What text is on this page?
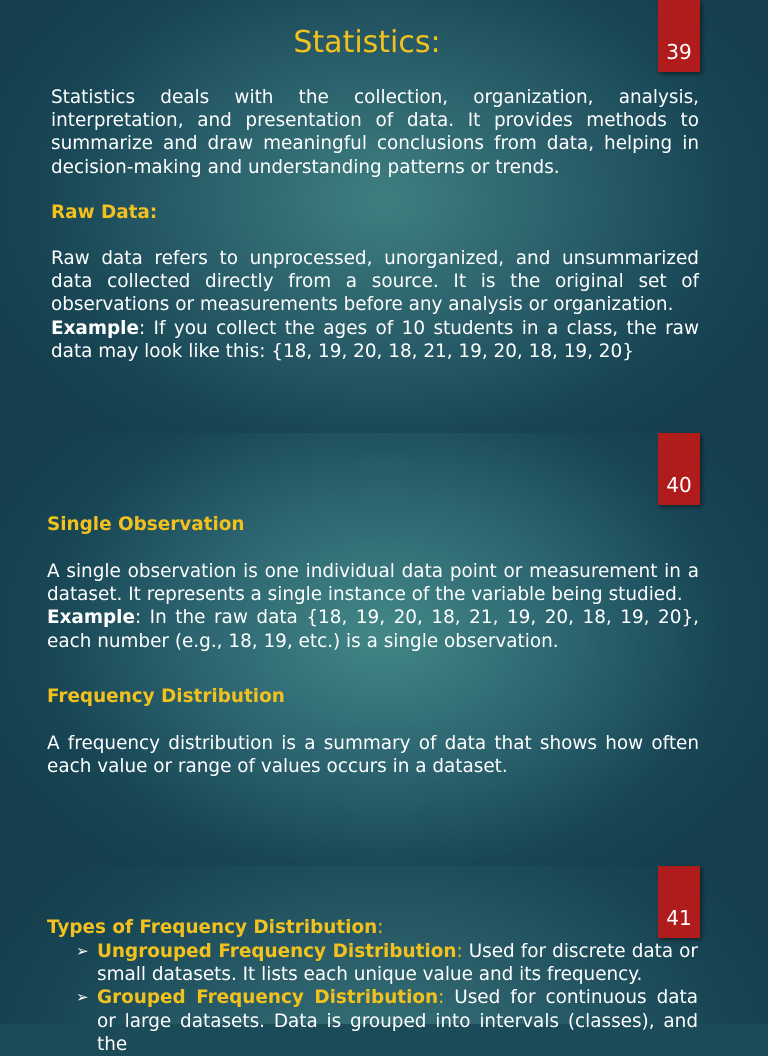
39
Statistics:
Statistics deals with the collection, organization, analysis, interpretation, and presentation of data. It provides methods to summarize and draw meaningful conclusions from data, helping in decision-making and understanding patterns or trends.
Raw Data:
Raw data refers to unprocessed, unorganized, and unsummarized data collected directly from a source. It is the original set of observations or measurements before any analysis or organization.
Example: If you collect the ages of 10 students in a class, the raw data may look like this: {18, 19, 20, 18, 21, 19, 20, 18, 19, 20}
40
Single Observation
A single observation is one individual data point or measurement in a dataset. It represents a single instance of the variable being studied.
Example: In the raw data {18, 19, 20, 18, 21, 19, 20, 18, 19, 20}, each number (e.g., 18, 19, etc.) is a single observation.
Frequency Distribution
A frequency distribution is a summary of data that shows how often each value or range of values occurs in a dataset.
41
Types of Frequency Distribution:
➢ Ungrouped Frequency Distribution: Used for discrete data or small datasets. It lists each unique value and its frequency.
➢ Grouped Frequency Distribution: Used for continuous data or large datasets. Data is grouped into intervals (classes), and the
